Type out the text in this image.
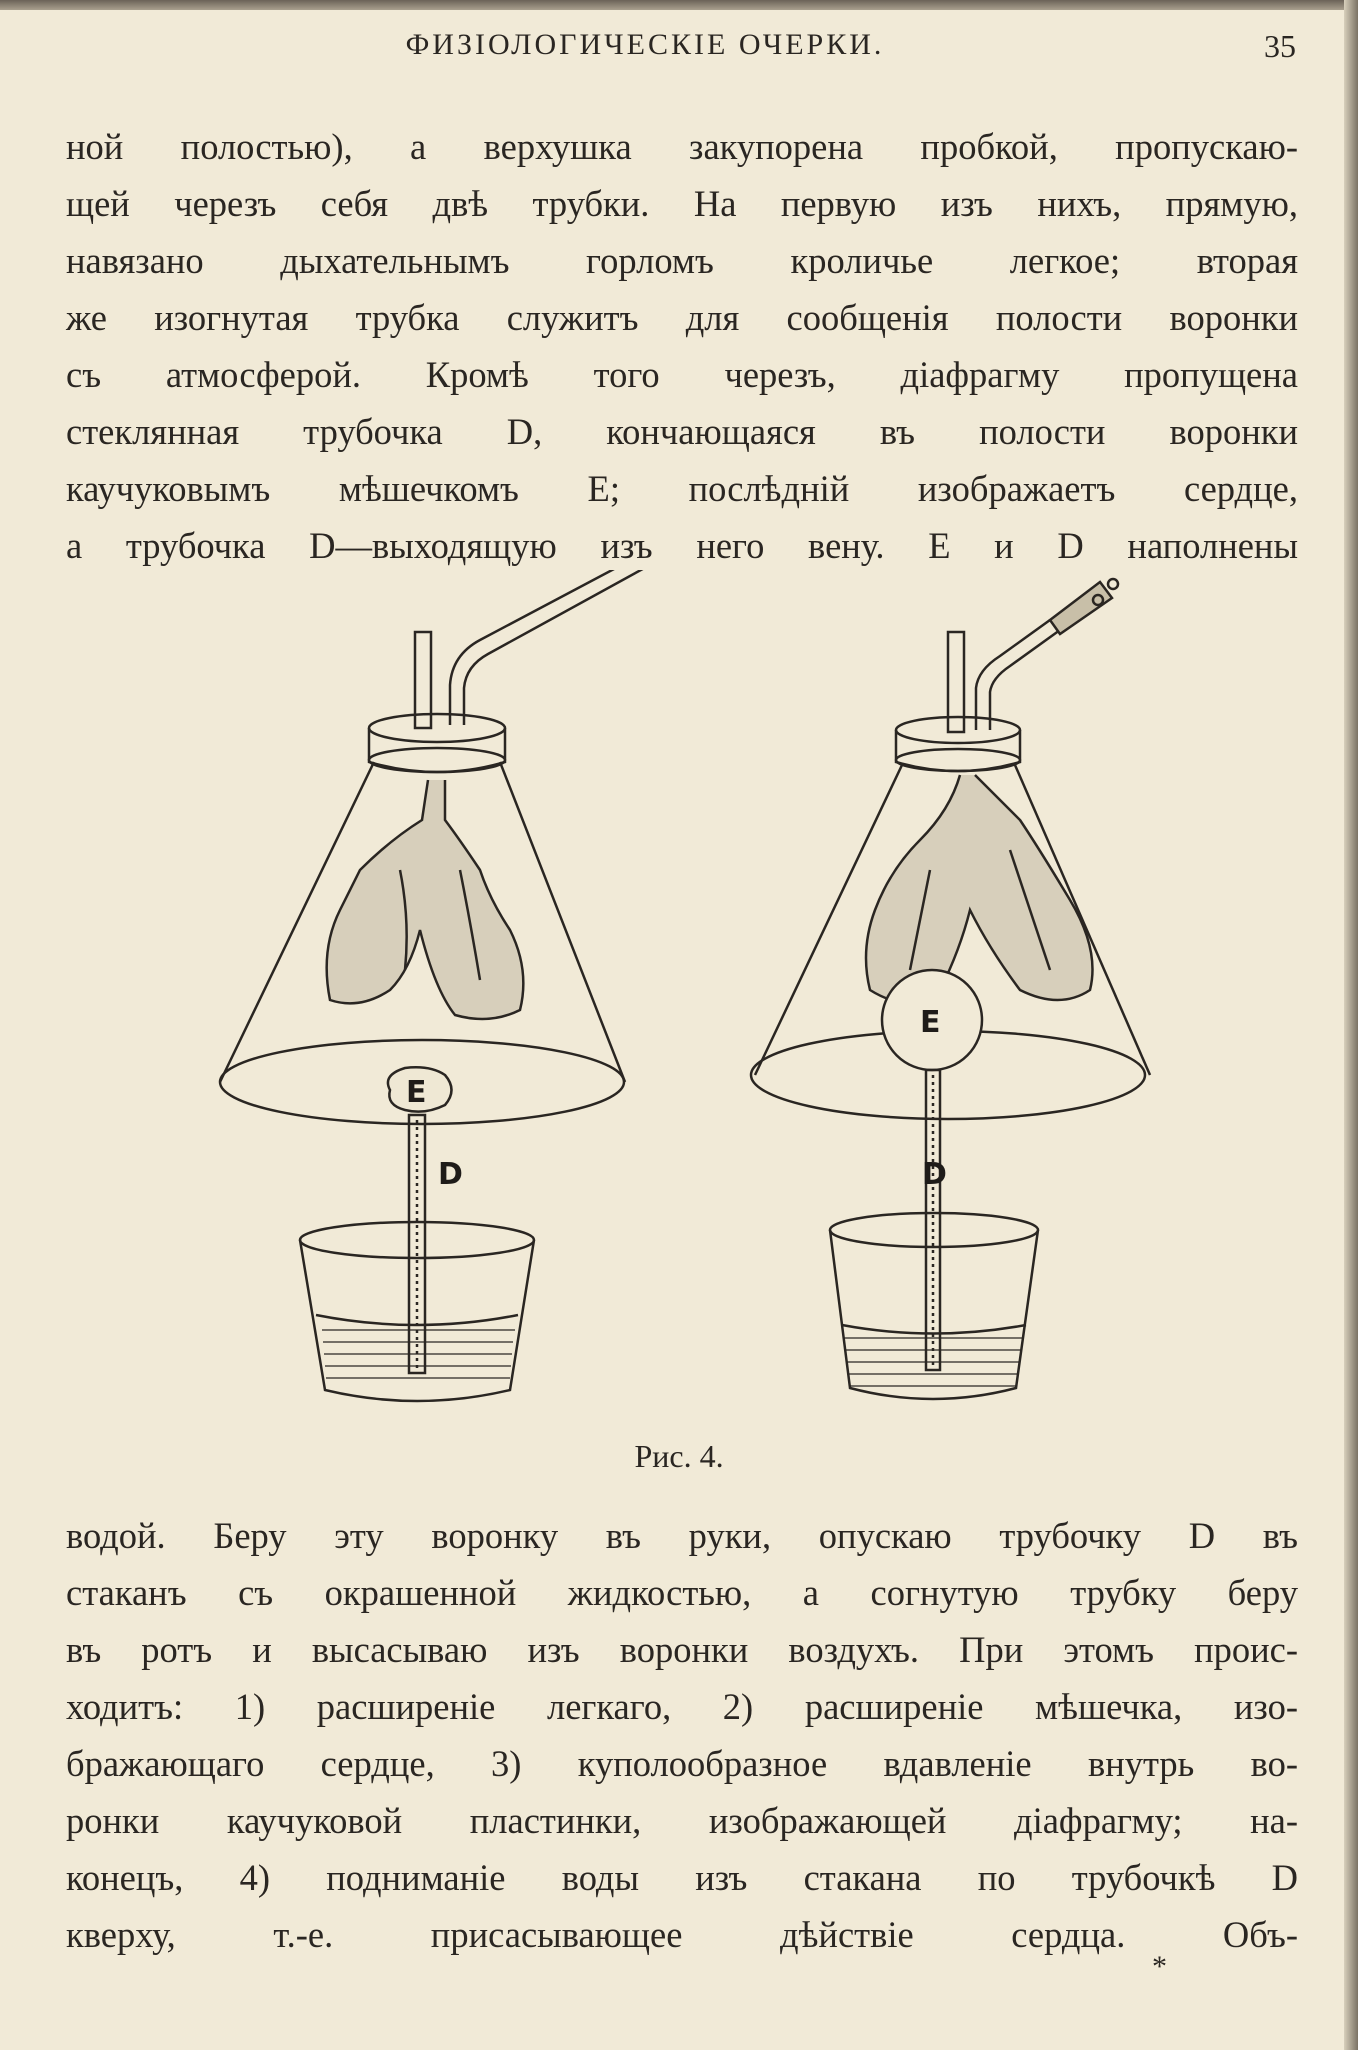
ФИЗІОЛОГИЧЕСКІЕ ОЧЕРКИ.	35
ной полостью), а верхушка закупорена пробкой, пропускаю-
щей черезъ себя двѣ трубки. На первую изъ нихъ, прямую,
навязано дыхательнымъ горломъ кроличье легкое; вторая
же изогнутая трубка служитъ для сообщенія полости воронки
съ атмосферой. Кромѣ того черезъ, діафрагму пропущена
стеклянная трубочка D, кончающаяся въ полости воронки
каучуковымъ мѣшечкомъ E; послѣдній изображаетъ сердце,
а трубочка D—выходящую изъ него вену. E и D наполнены
E
D
E
D
Рис. 4.
водой. Беру эту воронку въ руки, опускаю трубочку D въ
стаканъ съ окрашенной жидкостью, а согнутую трубку беру
въ ротъ и высасываю изъ воронки воздухъ. При этомъ проис-
ходитъ: 1) расширеніе легкаго, 2) расширеніе мѣшечка, изо-
бражающаго сердце, 3) куполообразное вдавленіе внутрь во-
ронки каучуковой пластинки, изображающей діафрагму; на-
конецъ, 4) подниманіе воды изъ стакана по трубочкѣ D
кверху, т.-е. присасывающее дѣйствіе сердца. Объ-
*
